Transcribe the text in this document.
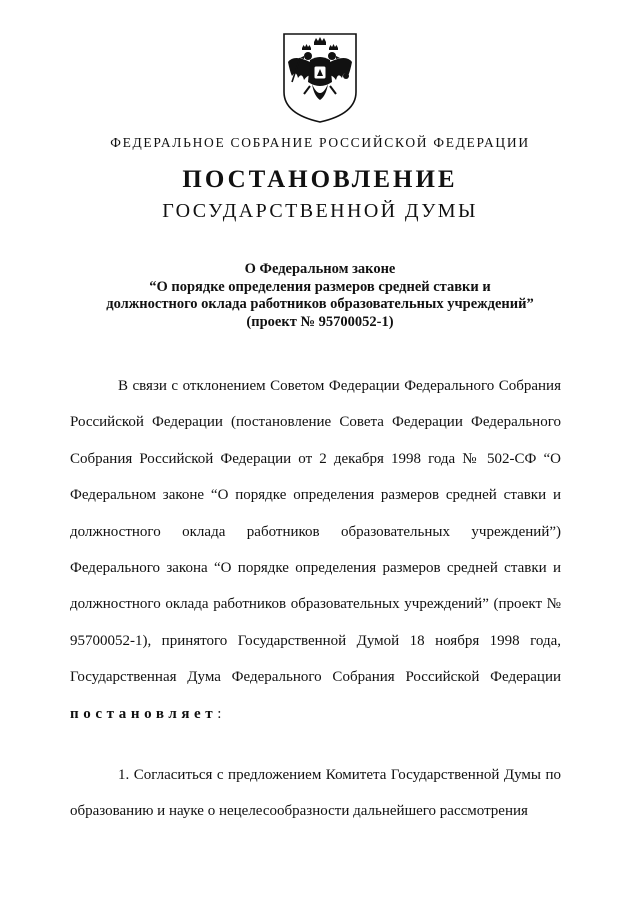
ФЕДЕРАЛЬНОЕ СОБРАНИЕ РОССИЙСКОЙ ФЕДЕРАЦИИ
ПОСТАНОВЛЕНИЕ
ГОСУДАРСТВЕННОЙ ДУМЫ
О Федеральном законе
“О порядке определения размеров средней ставки и
должностного оклада работников образовательных учреждений”
(проект № 95700052-1)
В связи с отклонением Советом Федерации Федерального Собрания Российской Федерации (постановление Совета Федерации Федерального Собрания Российской Федерации от 2 декабря 1998 года № 502-СФ “О Федеральном законе “О порядке определения размеров средней ставки и должностного оклада работников образовательных учреждений”) Федерального закона “О порядке определения размеров средней ставки и должностного оклада работников образовательных учреждений” (проект № 95700052-1), принятого Государственной Думой 18 ноября 1998 года, Государственная Дума Федерального Собрания Российской Федерации постановляет:
1. Согласиться с предложением Комитета Государственной Думы по образованию и науке о нецелесообразности дальнейшего рассмотрения
